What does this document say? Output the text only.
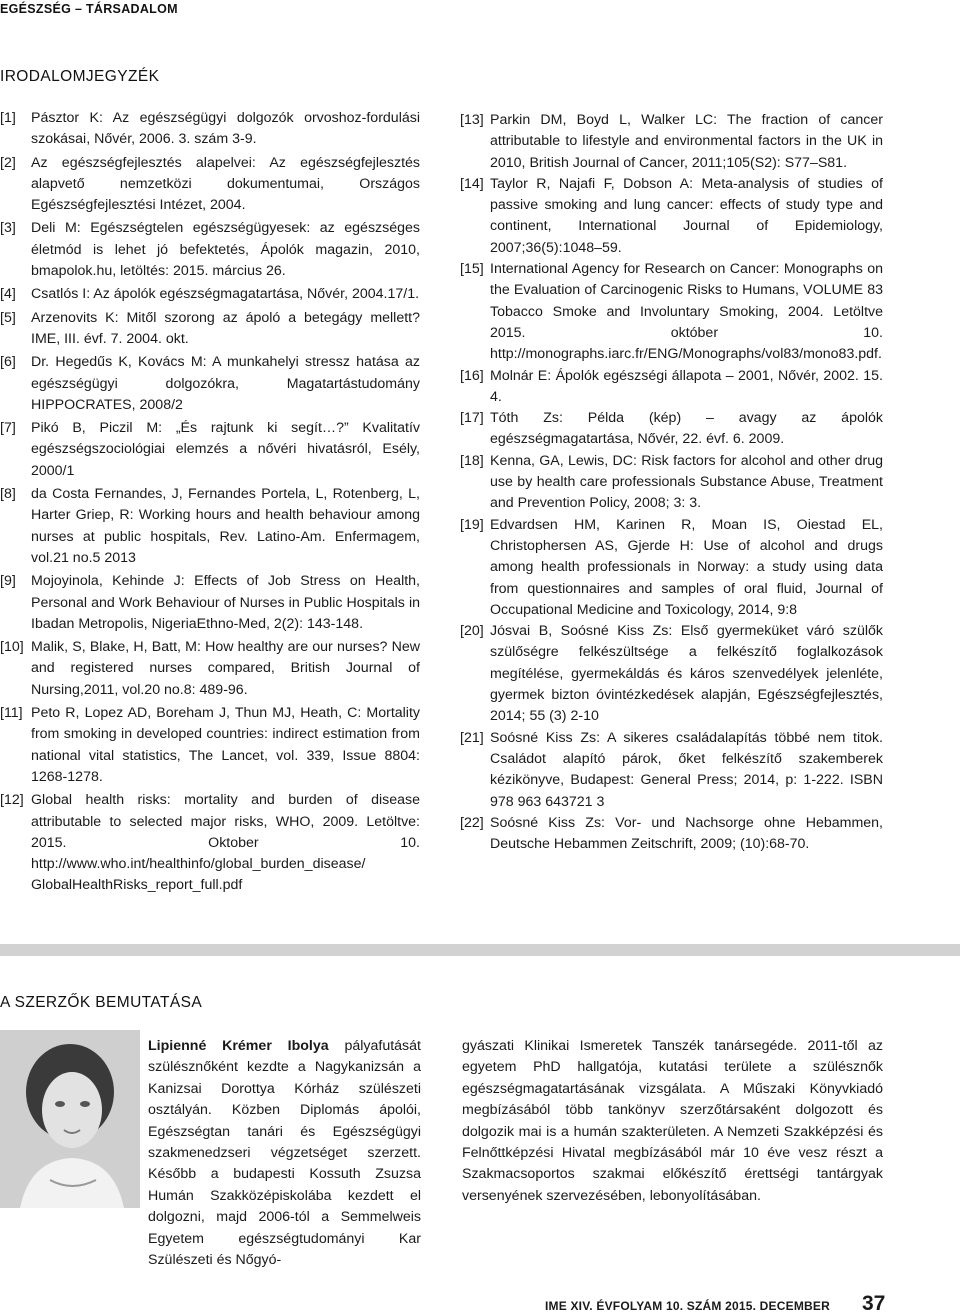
EGÉSZSÉG – TÁRSADALOM
IRODALOMJEGYZÉK
[1]	Pásztor K: Az egészségügyi dolgozók orvoshoz-fordulási szokásai, Nővér, 2006. 3. szám 3-9.
[2]	Az egészségfejlesztés alapelvei: Az egészségfejlesztés alapvető nemzetközi dokumentumai, Országos Egészségfejlesztési Intézet, 2004.
[3]	Deli M: Egészségtelen egészségügyesek: az egészséges életmód is lehet jó befektetés, Ápolók magazin, 2010, bmapolok.hu, letöltés: 2015. március 26.
[4]	Csatlós I: Az ápolók egészségmagatartása, Nővér, 2004.17/1.
[5]	Arzenovits K: Mitől szorong az ápoló a betegágy mellett? IME, III. évf. 7. 2004. okt.
[6]	Dr. Hegedűs K, Kovács M: A munkahelyi stressz hatása az egészségügyi dolgozókra, Magatartástudomány HIPPOCRATES, 2008/2
[7]	Pikó B, Piczil M: „És rajtunk ki segít…?” Kvalitatív egészségszociológiai elemzés a nővéri hivatásról, Esély, 2000/1
[8]	da Costa Fernandes, J, Fernandes Portela, L, Rotenberg, L, Harter Griep, R: Working hours and health behaviour among nurses at public hospitals, Rev. Latino-Am. Enfermagem, vol.21 no.5 2013
[9]	Mojoyinola, Kehinde J: Effects of Job Stress on Health, Personal and Work Behaviour of Nurses in Public Hospitals in Ibadan Metropolis, NigeriaEthno-Med, 2(2): 143-148.
[10] Malik, S, Blake, H, Batt, M: How healthy are our nurses? New and registered nurses compared, British Journal of Nursing,2011, vol.20 no.8: 489-96.
[11] Peto R, Lopez AD, Boreham J, Thun MJ, Heath, C: Mortality from smoking in developed countries: indirect estimation from national vital statistics, The Lancet, vol. 339, Issue 8804: 1268-1278.
[12] Global health risks: mortality and burden of disease attributable to selected major risks, WHO, 2009. Letöltve: 2015. Oktober 10. http://www.who.int/healthinfo/global_burden_disease/ GlobalHealthRisks_report_full.pdf
[13] Parkin DM, Boyd L, Walker LC: The fraction of cancer attributable to lifestyle and environmental factors in the UK in 2010, British Journal of Cancer, 2011;105(S2): S77–S81.
[14] Taylor R, Najafi F, Dobson A: Meta-analysis of studies of passive smoking and lung cancer: effects of study type and continent, International Journal of Epidemiology, 2007;36(5):1048–59.
[15] International Agency for Research on Cancer: Monographs on the Evaluation of Carcinogenic Risks to Humans, VOLUME 83 Tobacco Smoke and Involuntary Smoking, 2004. Letöltve 2015. október 10. http://monographs.iarc.fr/ENG/Monographs/vol83/mono83.pdf.
[16] Molnár E: Ápolók egészségi állapota – 2001, Nővér, 2002. 15. 4.
[17] Tóth Zs: Példa (kép) – avagy az ápolók egészségmagatartása, Nővér, 22. évf. 6. 2009.
[18] Kenna, GA, Lewis, DC: Risk factors for alcohol and other drug use by health care professionals Substance Abuse, Treatment and Prevention Policy, 2008; 3: 3.
[19] Edvardsen HM, Karinen R, Moan IS, Oiestad EL, Christophersen AS, Gjerde H: Use of alcohol and drugs among health professionals in Norway: a study using data from questionnaires and samples of oral fluid, Journal of Occupational Medicine and Toxicology, 2014, 9:8
[20] Jósvai B, Soósné Kiss Zs: Első gyermeküket váró szülők szülőségre felkészültsége a felkészítő foglalkozások megítélése, gyermekáldás és káros szenvedélyek jelenléte, gyermek bizton óvintézkedések alapján, Egészségfejlesztés, 2014; 55 (3) 2-10
[21] Soósné Kiss Zs: A sikeres családalapítás többé nem titok. Családot alapító párok, őket felkészítő szakemberek kézikönyve, Budapest: General Press; 2014, p: 1-222. ISBN 978 963 643721 3
[22] Soósné Kiss Zs: Vor- und Nachsorge ohne Hebammen, Deutsche Hebammen Zeitschrift, 2009; (10):68-70.
A SZERZŐK BEMUTATÁSA
Lipienné Krémer Ibolya pályafutását szülésznőként kezdte a Nagykanizsán a Kanizsai Dorottya Kórház szülészeti osztályán. Közben Diplomás ápolói, Egészségtan tanári és Egészségügyi szakmenedzseri végzetséget szerzett. Később a budapesti Kossuth Zsuzsa Humán Szakközépiskolába kezdett el dolgozni, majd 2006-tól a Semmelweis Egyetem egészségtudományi Kar Szülészeti és Nőgyó-
gyászati Klinikai Ismeretek Tanszék tanársegéde. 2011-től az egyetem PhD hallgatója, kutatási területe a szülésznők egészségmagatartásának vizsgálata. A Műszaki Könyvkiadó megbízásából több tankönyv szerzőtársaként dolgozott és dolgozik mai is a humán szakterületen. A Nemzeti Szakképzési és Felnőttképzési Hivatal megbízásából már 10 éve vesz részt a Szakmacsoportos szakmai előkészítő érettségi tantárgyak versenyének szervezésében, lebonyolításában.
IME XIV. ÉVFOLYAM 10. SZÁM 2015. DECEMBER 37
